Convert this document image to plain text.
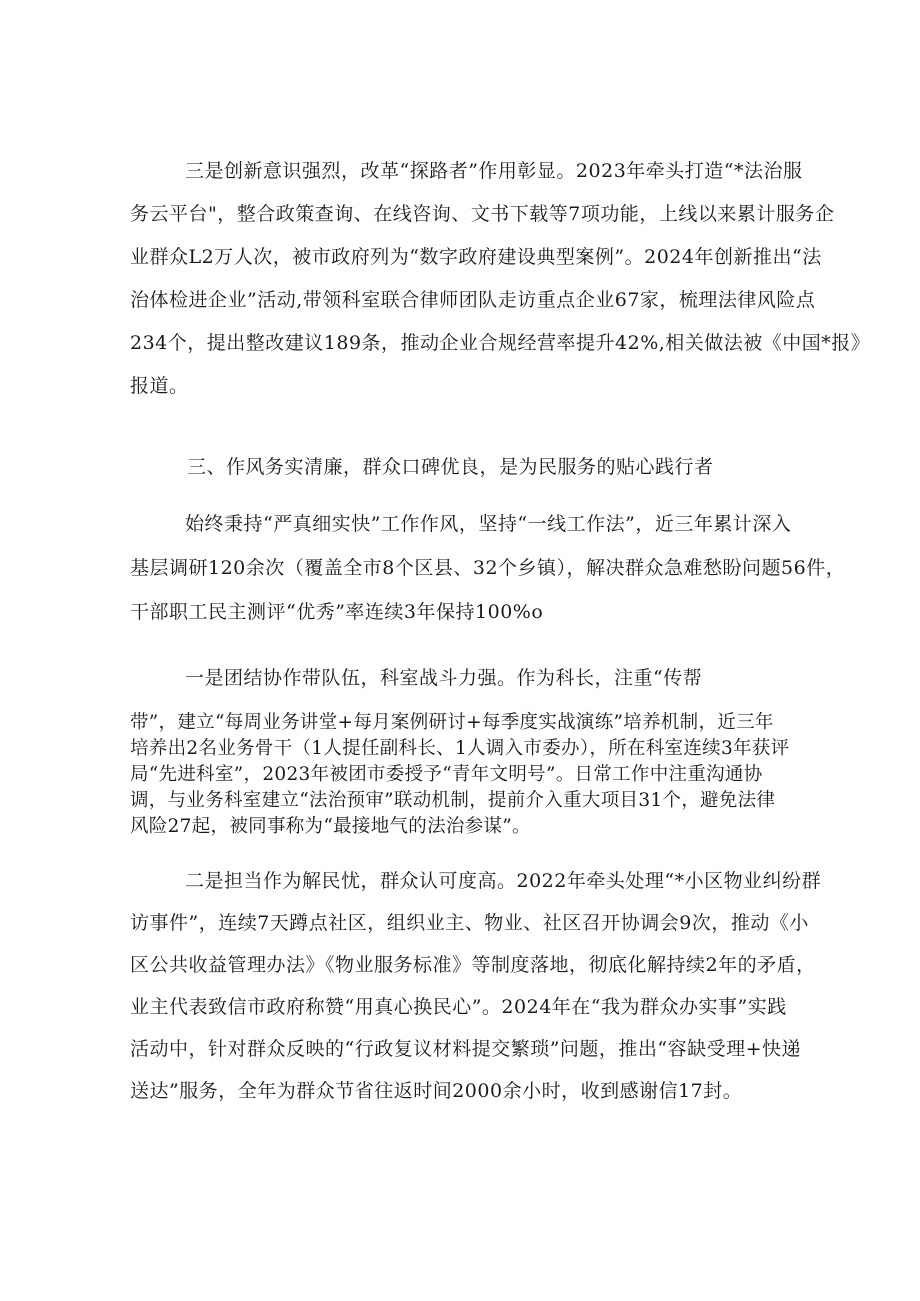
三是创新意识强烈，改革“探路者”作用彰显。2023年牵头打造“*法治服
务云平台"，整合政策查询、在线咨询、文书下载等7项功能，上线以来累计服务企
业群众L2万人次，被市政府列为“数字政府建设典型案例”。2024年创新推出“法
治体检进企业”活动,带领科室联合律师团队走访重点企业67家，梳理法律风险点
234个，提出整改建议189条，推动企业合规经营率提升42%,相关做法被《中国*报》
报道。

三、作风务实清廉，群众口碑优良，是为民服务的贴心践行者

始终秉持“严真细实快”工作作风，坚持“一线工作法”，近三年累计深入
基层调研120余次（覆盖全市8个区县、32个乡镇），解决群众急难愁盼问题56件，
干部职工民主测评“优秀”率连续3年保持100%o

一是团结协作带队伍，科室战斗力强。作为科长，注重“传帮

带”，建立“每周业务讲堂+每月案例研讨+每季度实战演练”培养机制，近三年
培养出2名业务骨干（1人提任副科长、1人调入市委办），所在科室连续3年获评
局“先进科室”，2023年被团市委授予“青年文明号”。日常工作中注重沟通协
调，与业务科室建立“法治预审”联动机制，提前介入重大项目31个，避免法律
风险27起，被同事称为“最接地气的法治参谋”。

二是担当作为解民忧，群众认可度高。2022年牵头处理“*小区物业纠纷群
访事件”，连续7天蹲点社区，组织业主、物业、社区召开协调会9次，推动《小
区公共收益管理办法》《物业服务标准》等制度落地，彻底化解持续2年的矛盾，
业主代表致信市政府称赞“用真心换民心”。2024年在“我为群众办实事”实践
活动中，针对群众反映的“行政复议材料提交繁琐”问题，推出“容缺受理+快递
送达”服务，全年为群众节省往返时间2000余小时，收到感谢信17封。
